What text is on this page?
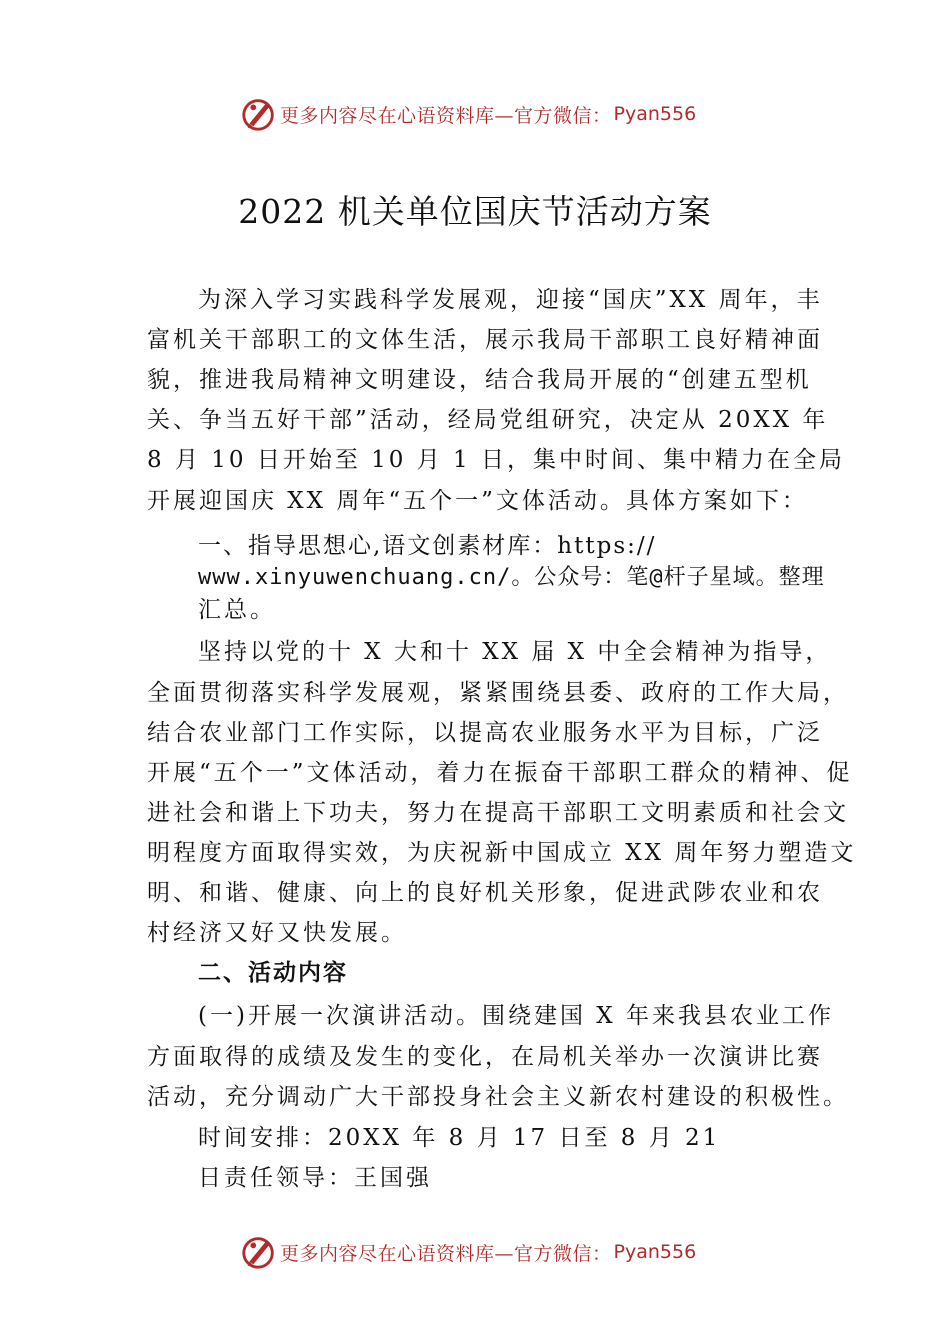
更多内容尽在心语资料库—官方微信： Pyan556
2022 机关单位国庆节活动方案

为深入学习实践科学发展观，迎接“国庆”XX 周年，丰

富机关干部职工的文体生活，展示我局干部职工良好精神面

貌，推进我局精神文明建设，结合我局开展的“创建五型机

关、争当五好干部”活动，经局党组研究，决定从 20XX 年

8 月 10 日开始至 10 月 1 日，集中时间、集中精力在全局

开展迎国庆 XX 周年“五个一”文体活动。具体方案如下：

一、指导思想心,语文创素材库：https://

www.xinyuwenchuang.cn/。公众号：笔@杆子星域。整理

汇总。

坚持以党的十 X 大和十 XX 届 X 中全会精神为指导，

全面贯彻落实科学发展观，紧紧围绕县委、政府的工作大局，

结合农业部门工作实际，以提高农业服务水平为目标，广泛

开展“五个一”文体活动，着力在振奋干部职工群众的精神、促

进社会和谐上下功夫，努力在提高干部职工文明素质和社会文

明程度方面取得实效，为庆祝新中国成立 XX 周年努力塑造文

明、和谐、健康、向上的良好机关形象，促进武陟农业和农

村经济又好又快发展。

二、活动内容

(一)开展一次演讲活动。围绕建国 X 年来我县农业工作

方面取得的成绩及发生的变化，在局机关举办一次演讲比赛

活动，充分调动广大干部投身社会主义新农村建设的积极性。

时间安排：20XX 年 8 月 17 日至 8 月 21

日责任领导：王国强

更多内容尽在心语资料库—官方微信： Pyan556
